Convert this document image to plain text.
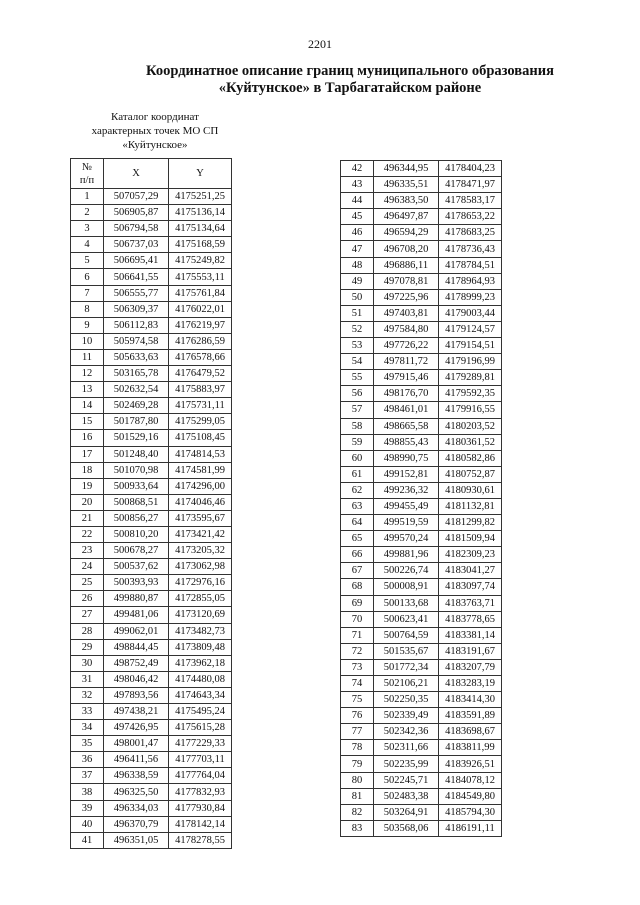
2201
Координатное описание границ муниципального образования
«Куйтунское» в Тарбагатайском районе
Каталог координат
характерных точек МО СП
«Куйтунское»
№
п/п	X	Y
1	507057,29	4175251,25
2	506905,87	4175136,14
3	506794,58	4175134,64
4	506737,03	4175168,59
5	506695,41	4175249,82
6	506641,55	4175553,11
7	506555,77	4175761,84
8	506309,37	4176022,01
9	506112,83	4176219,97
10	505974,58	4176286,59
11	505633,63	4176578,66
12	503165,78	4176479,52
13	502632,54	4175883,97
14	502469,28	4175731,11
15	501787,80	4175299,05
16	501529,16	4175108,45
17	501248,40	4174814,53
18	501070,98	4174581,99
19	500933,64	4174296,00
20	500868,51	4174046,46
21	500856,27	4173595,67
22	500810,20	4173421,42
23	500678,27	4173205,32
24	500537,62	4173062,98
25	500393,93	4172976,16
26	499880,87	4172855,05
27	499481,06	4173120,69
28	499062,01	4173482,73
29	498844,45	4173809,48
30	498752,49	4173962,18
31	498046,42	4174480,08
32	497893,56	4174643,34
33	497438,21	4175495,24
34	497426,95	4175615,28
35	498001,47	4177229,33
36	496411,56	4177703,11
37	496338,59	4177764,04
38	496325,50	4177832,93
39	496334,03	4177930,84
40	496370,79	4178142,14
41	496351,05	4178278,55
42	496344,95	4178404,23
43	496335,51	4178471,97
44	496383,50	4178583,17
45	496497,87	4178653,22
46	496594,29	4178683,25
47	496708,20	4178736,43
48	496886,11	4178784,51
49	497078,81	4178964,93
50	497225,96	4178999,23
51	497403,81	4179003,44
52	497584,80	4179124,57
53	497726,22	4179154,51
54	497811,72	4179196,99
55	497915,46	4179289,81
56	498176,70	4179592,35
57	498461,01	4179916,55
58	498665,58	4180203,52
59	498855,43	4180361,52
60	498990,75	4180582,86
61	499152,81	4180752,87
62	499236,32	4180930,61
63	499455,49	4181132,81
64	499519,59	4181299,82
65	499570,24	4181509,94
66	499881,96	4182309,23
67	500226,74	4183041,27
68	500008,91	4183097,74
69	500133,68	4183763,71
70	500623,41	4183778,65
71	500764,59	4183381,14
72	501535,67	4183191,67
73	501772,34	4183207,79
74	502106,21	4183283,19
75	502250,35	4183414,30
76	502339,49	4183591,89
77	502342,36	4183698,67
78	502311,66	4183811,99
79	502235,99	4183926,51
80	502245,71	4184078,12
81	502483,38	4184549,80
82	503264,91	4185794,30
83	503568,06	4186191,11
